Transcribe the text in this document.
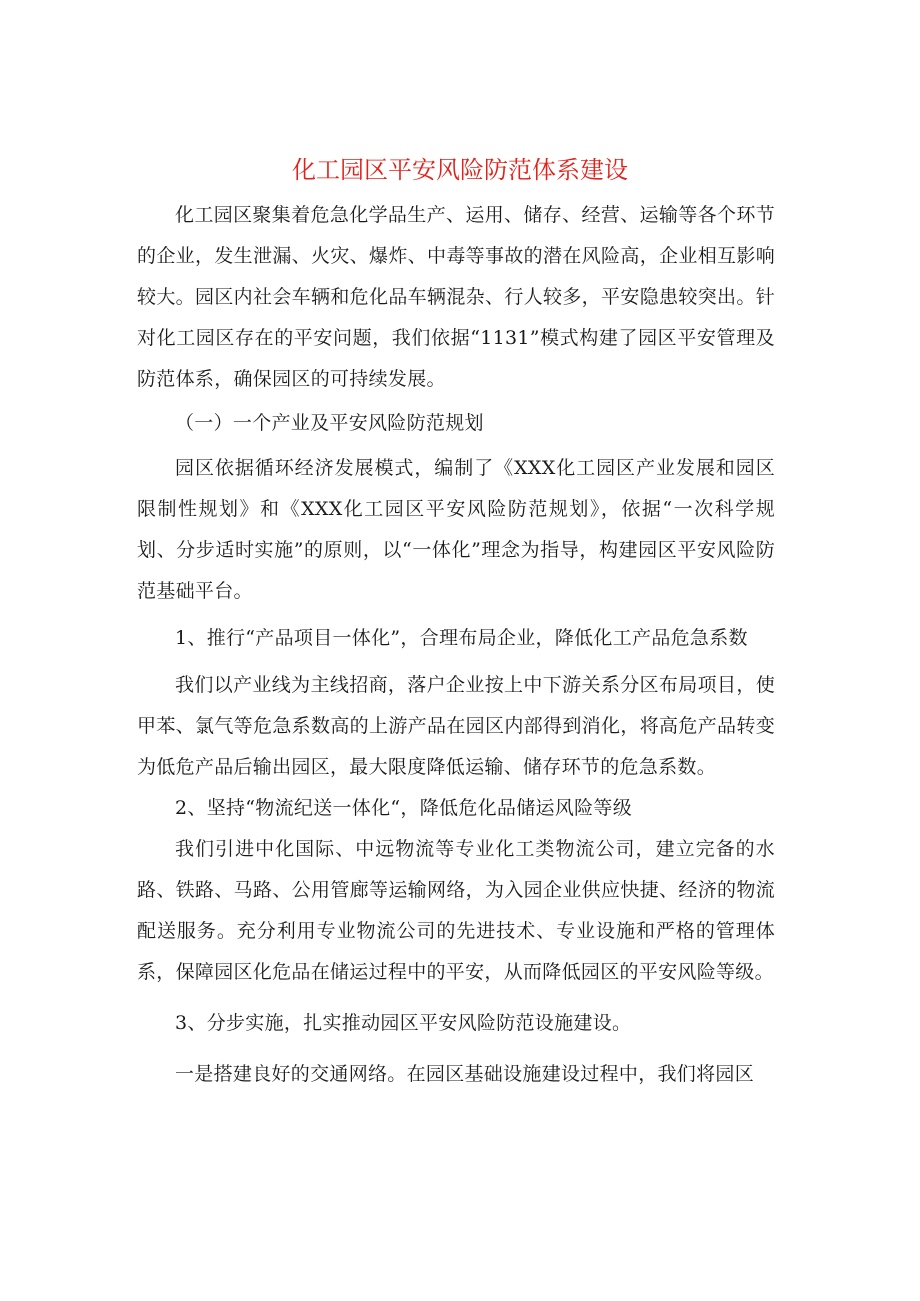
化工园区平安风险防范体系建设

化工园区聚集着危急化学品生产、运用、储存、经营、运输等各个环节的企业，发生泄漏、火灾、爆炸、中毒等事故的潜在风险高，企业相互影响较大。园区内社会车辆和危化品车辆混杂、行人较多，平安隐患较突出。针对化工园区存在的平安问题，我们依据“1131”模式构建了园区平安管理及防范体系，确保园区的可持续发展。

（一）一个产业及平安风险防范规划

园区依据循环经济发展模式，编制了《XXX化工园区产业发展和园区限制性规划》和《XXX化工园区平安风险防范规划》，依据“一次科学规划、分步适时实施”的原则，以“一体化”理念为指导，构建园区平安风险防范基础平台。

1、推行“产品项目一体化”，合理布局企业，降低化工产品危急系数

我们以产业线为主线招商，落户企业按上中下游关系分区布局项目，使甲苯、氯气等危急系数高的上游产品在园区内部得到消化，将高危产品转变为低危产品后输出园区，最大限度降低运输、储存环节的危急系数。

2、坚持“物流纪送一体化“，降低危化品储运风险等级

我们引进中化国际、中远物流等专业化工类物流公司，建立完备的水路、铁路、马路、公用管廊等运输网络，为入园企业供应快捷、经济的物流配送服务。充分利用专业物流公司的先进技术、专业设施和严格的管理体系，保障园区化危品在储运过程中的平安，从而降低园区的平安风险等级。

3、分步实施，扎实推动园区平安风险防范设施建设。

一是搭建良好的交通网络。在园区基础设施建设过程中，我们将园区
